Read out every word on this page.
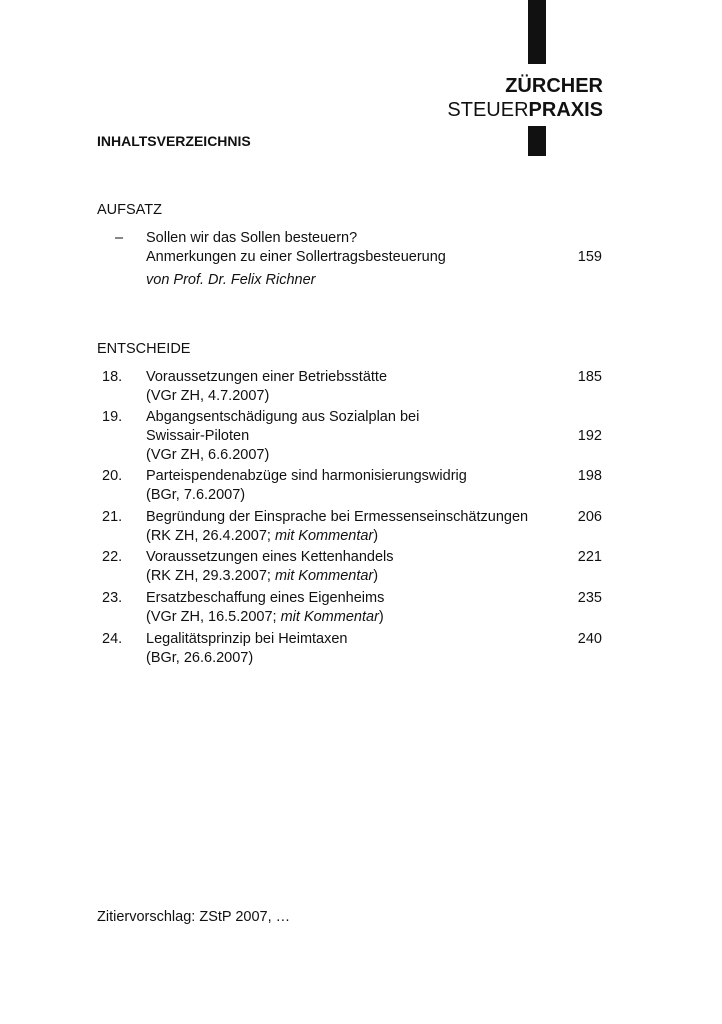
ZÜRCHER
STEUERPRAXIS
INHALTSVERZEICHNIS
AUFSATZ
– Sollen wir das Sollen besteuern?
Anmerkungen zu einer Sollertragsbesteuerung
von Prof. Dr. Felix Richner
159
ENTSCHEIDE
18. Voraussetzungen einer Betriebsstätte
(VGr ZH, 4.7.2007)
185
19. Abgangsentschädigung aus Sozialplan bei
Swissair-Piloten
(VGr ZH, 6.6.2007)
192
20. Parteispendenabzüge sind harmonisierungswidrig
(BGr, 7.6.2007)
198
21. Begründung der Einsprache bei Ermessenseinschätzungen
(RK ZH, 26.4.2007; mit Kommentar)
206
22. Voraussetzungen eines Kettenhandels
(RK ZH, 29.3.2007; mit Kommentar)
221
23. Ersatzbeschaffung eines Eigenheims
(VGr ZH, 16.5.2007; mit Kommentar)
235
24. Legalitätsprinzip bei Heimtaxen
(BGr, 26.6.2007)
240
Zitiervorschlag: ZStP 2007, …
